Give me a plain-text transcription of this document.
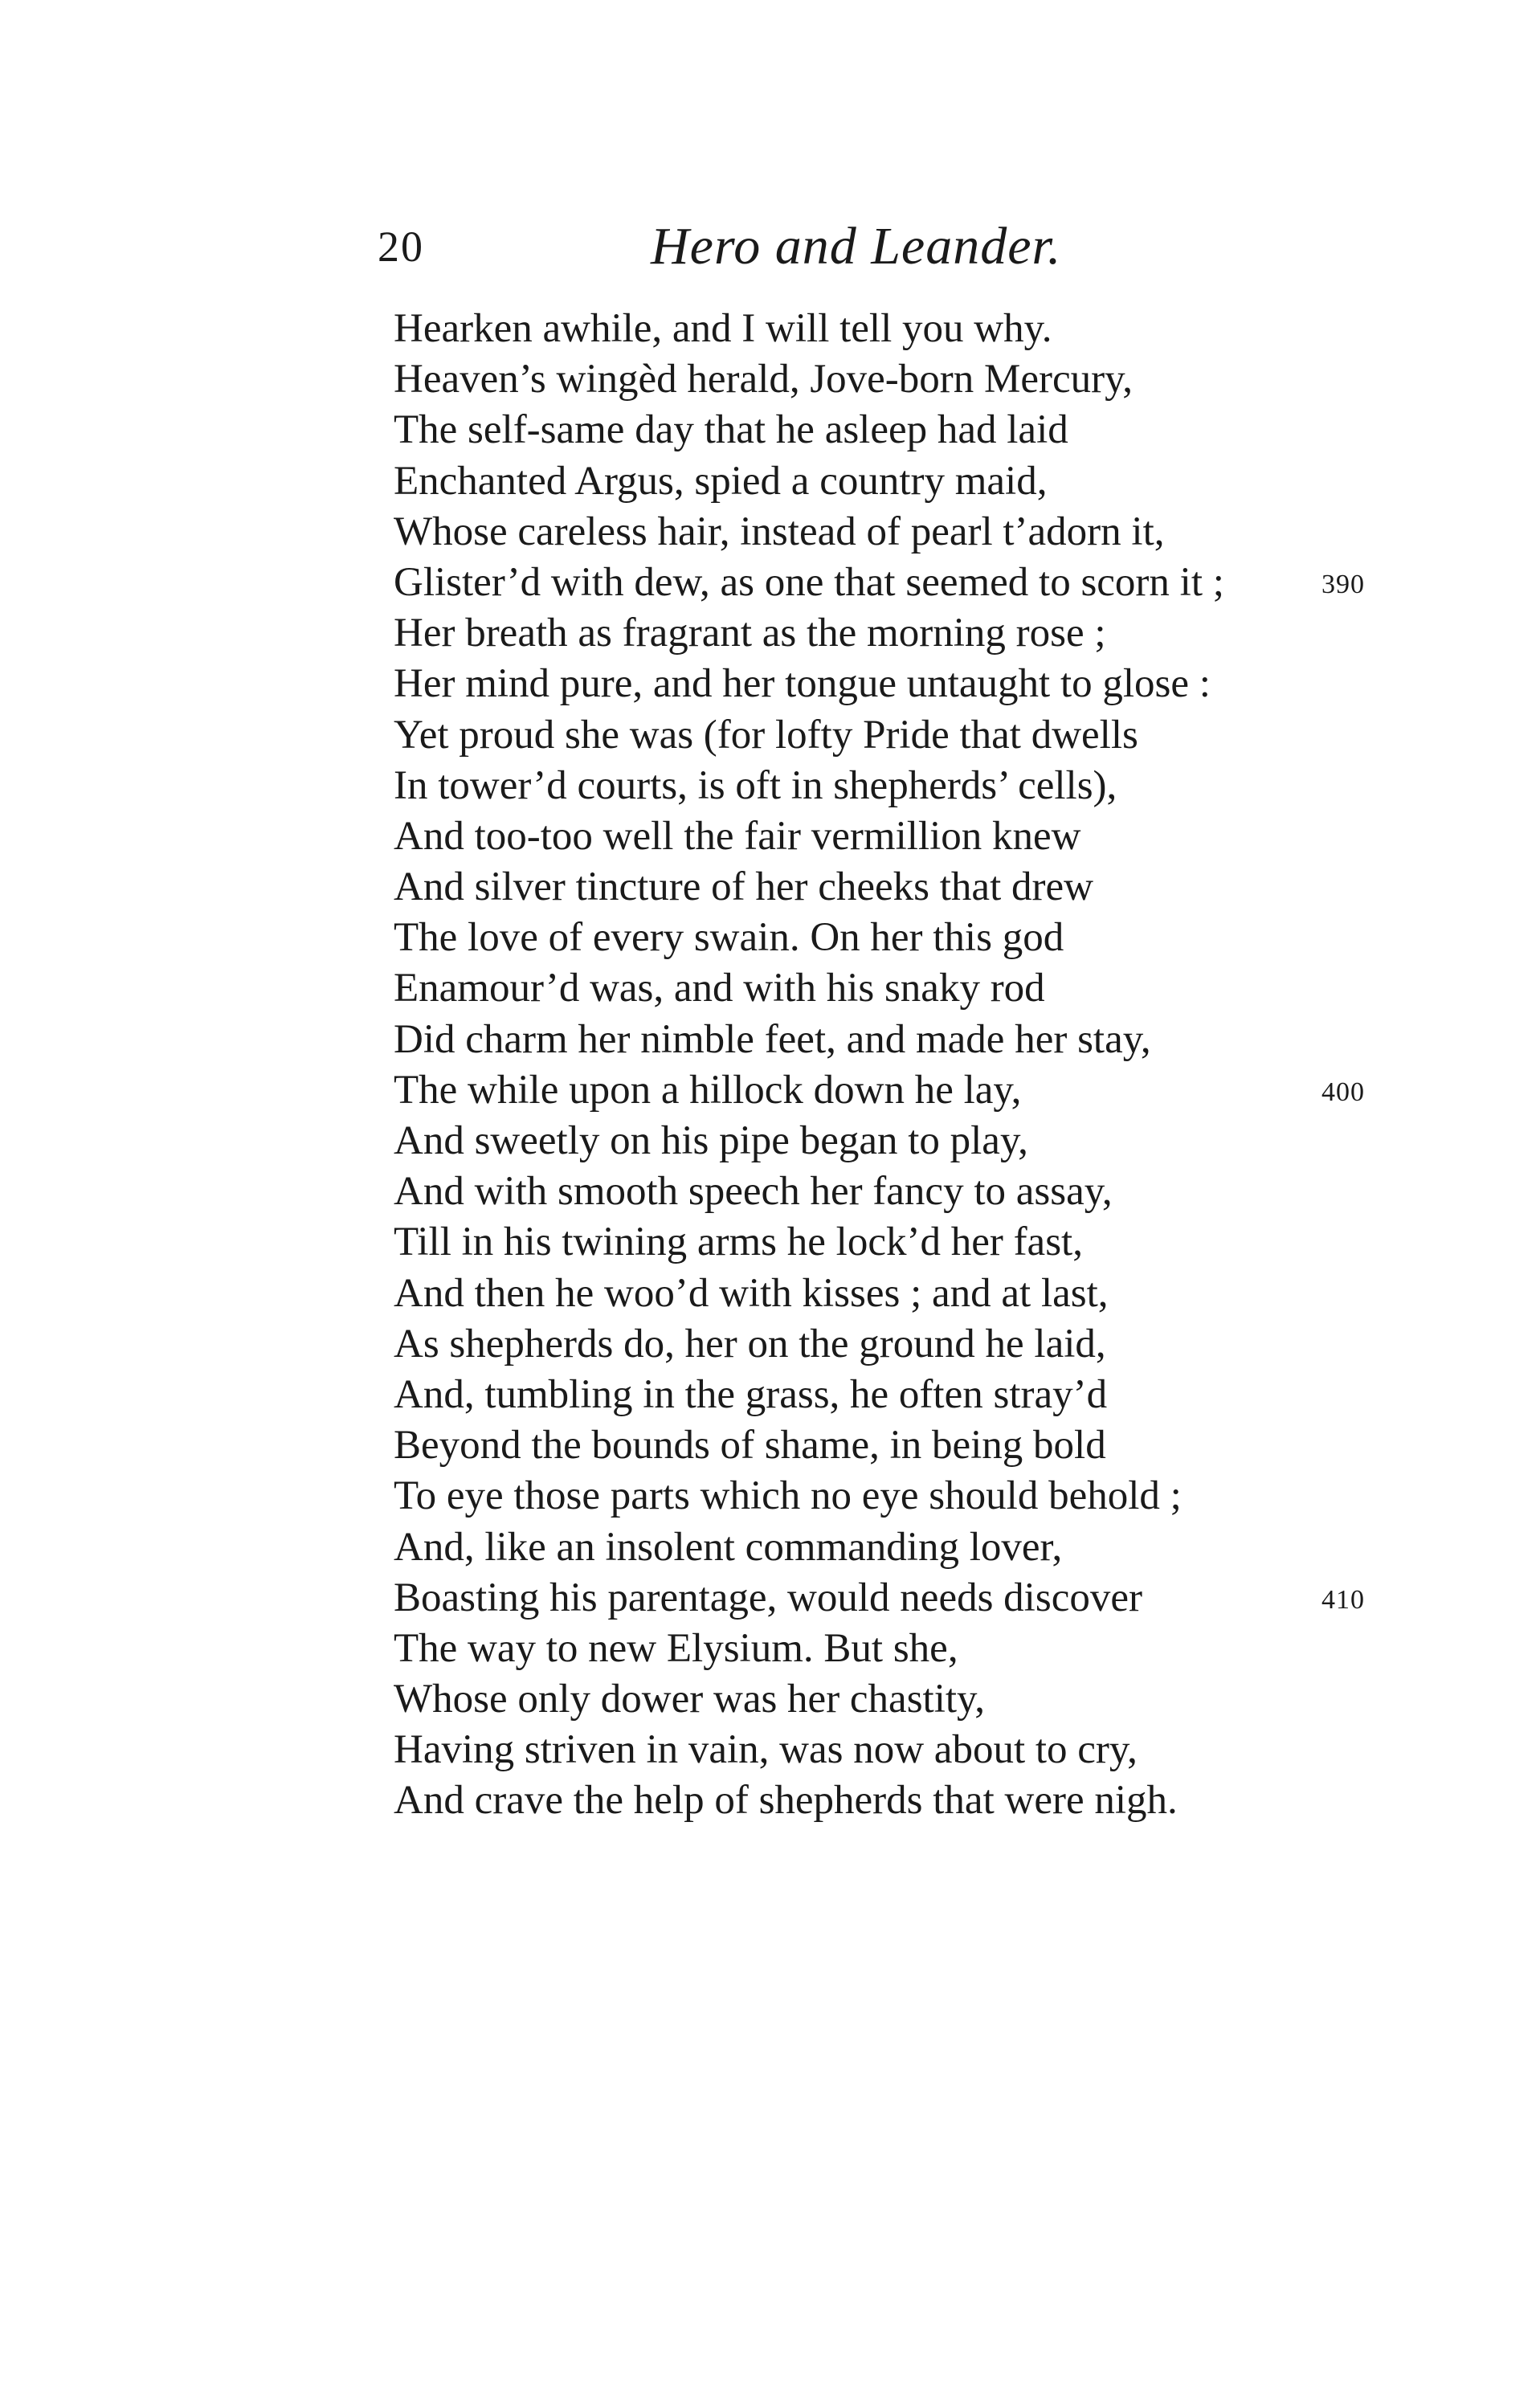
20	Hero and Leander.
Hearken awhile, and I will tell you why.
Heaven’s wingèd herald, Jove-born Mercury,
The self-same day that he asleep had laid
Enchanted Argus, spied a country maid,
Whose careless hair, instead of pearl t’adorn it,
Glister’d with dew, as one that seemed to scorn it ;	390
Her breath as fragrant as the morning rose ;
Her mind pure, and her tongue untaught to glose :
Yet proud she was (for lofty Pride that dwells
In tower’d courts, is oft in shepherds’ cells),
And too-too well the fair vermillion knew
And silver tincture of her cheeks that drew
The love of every swain. On her this god
Enamour’d was, and with his snaky rod
Did charm her nimble feet, and made her stay,
The while upon a hillock down he lay,	400
And sweetly on his pipe began to play,
And with smooth speech her fancy to assay,
Till in his twining arms he lock’d her fast,
And then he woo’d with kisses ; and at last,
As shepherds do, her on the ground he laid,
And, tumbling in the grass, he often stray’d
Beyond the bounds of shame, in being bold
To eye those parts which no eye should behold ;
And, like an insolent commanding lover,
Boasting his parentage, would needs discover	410
The way to new Elysium. But she,
Whose only dower was her chastity,
Having striven in vain, was now about to cry,
And crave the help of shepherds that were nigh.
